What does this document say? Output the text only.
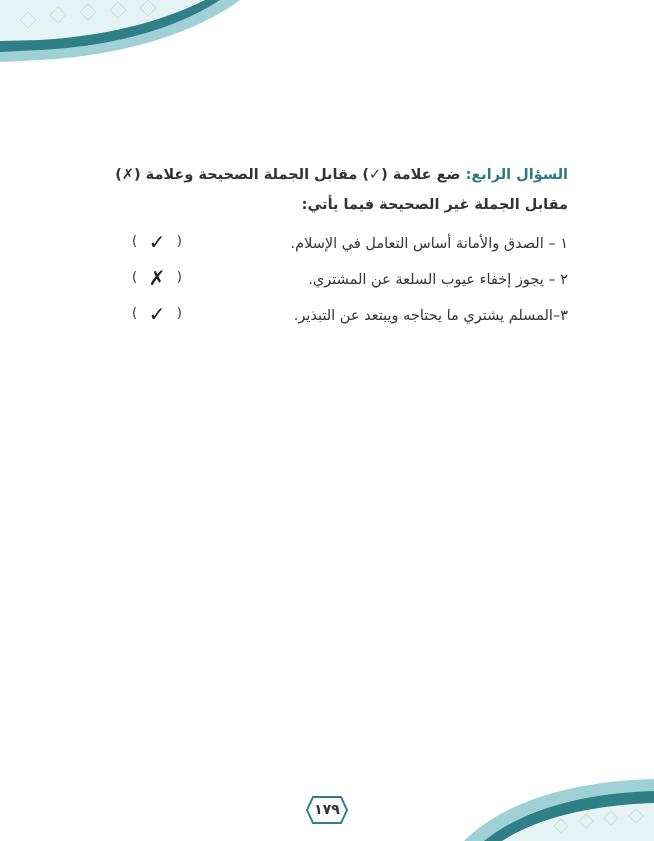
السؤال الرابع: ضع علامة (✓) مقابل الجملة الصحيحة وعلامة (✗) مقابل الجملة غير الصحيحة فيما يأتي:
١ – الصدق والأمانة أساس التعامل في الإسلام.
( ✓ )
٢ – يجوز إخفاء عيوب السلعة عن المشتري.
( ✗ )
٣–المسلم يشتري ما يحتاجه ويبتعد عن التبذير.
( ✓ )
١٧٩
